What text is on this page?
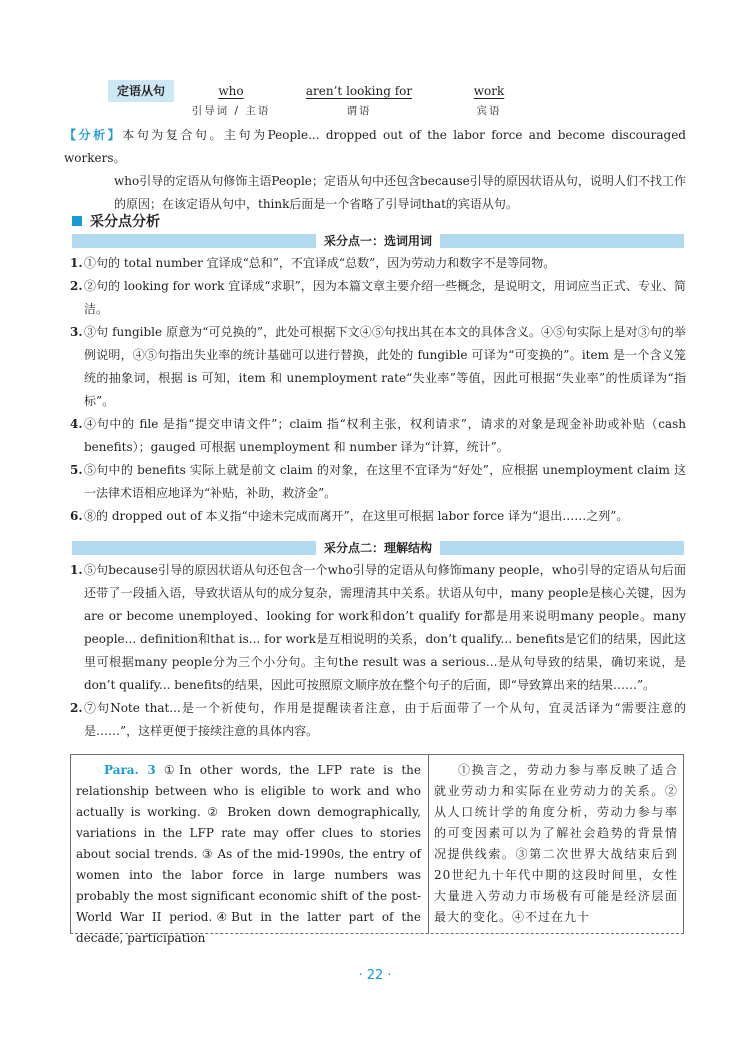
定语从句	who
引导词 / 主语
aren’t looking for
谓语
work
宾语
【分析】本句为复合句。主句为People... dropped out of the labor force and become discouraged workers。
who引导的定语从句修饰主语People；定语从句中还包含because引导的原因状语从句，说明人们不找工作的原因；在该定语从句中，think后面是一个省略了引导词that的宾语从句。
采分点分析
采分点一：选词用词
1. ①句的 total number 宜译成“总和”，不宜译成“总数”，因为劳动力和数字不是等同物。
2. ②句的 looking for work 宜译成“求职”，因为本篇文章主要介绍一些概念，是说明文，用词应当正式、专业、简洁。
3. ③句 fungible 原意为“可兑换的”，此处可根据下文④⑤句找出其在本文的具体含义。④⑤句实际上是对③句的举例说明，④⑤句指出失业率的统计基础可以进行替换，此处的 fungible 可译为“可变换的”。item 是一个含义笼统的抽象词，根据 is 可知，item 和 unemployment rate“失业率”等值，因此可根据“失业率”的性质译为“指标”。
4. ④句中的 file 是指“提交申请文件”；claim 指“权利主张，权利请求”，请求的对象是现金补助或补贴（cash benefits）；gauged 可根据 unemployment 和 number 译为“计算，统计”。
5. ⑤句中的 benefits 实际上就是前文 claim 的对象，在这里不宜译为“好处”，应根据 unemployment claim 这一法律术语相应地译为“补贴，补助，救济金”。
6. ⑧的 dropped out of 本义指“中途未完成而离开”，在这里可根据 labor force 译为“退出……之列”。
采分点二：理解结构
1. ⑤句because引导的原因状语从句还包含一个who引导的定语从句修饰many people，who引导的定语从句后面还带了一段插入语，导致状语从句的成分复杂，需理清其中关系。状语从句中，many people是核心关键，因为are or become unemployed、looking for work和don’t qualify for都是用来说明many people。many people... definition和that is... for work是互相说明的关系，don’t qualify... benefits是它们的结果，因此这里可根据many people分为三个小分句。主句the result was a serious...是从句导致的结果，确切来说，是don’t qualify... benefits的结果，因此可按照原文顺序放在整个句子的后面，即“导致算出来的结果……”。
2. ⑦句Note that...是一个祈使句，作用是提醒读者注意，由于后面带了一个从句，宜灵活译为“需要注意的是……”，这样更便于接续注意的具体内容。
Para. 3 ①In other words, the LFP rate is the relationship between who is eligible to work and who actually is working. ② Broken down demographically, variations in the LFP rate may offer clues to stories about social trends. ③ As of the mid-1990s, the entry of women into the labor force in large numbers was probably the most significant economic shift of the post-World War II period.④But in the latter part of the decade, participation
①换言之，劳动力参与率反映了适合就业劳动力和实际在业劳动力的关系。②从人口统计学的角度分析，劳动力参与率的可变因素可以为了解社会趋势的背景情况提供线索。③第二次世界大战结束后到20世纪九十年代中期的这段时间里，女性大量进入劳动力市场极有可能是经济层面最大的变化。④不过在九十
· 22 ·
